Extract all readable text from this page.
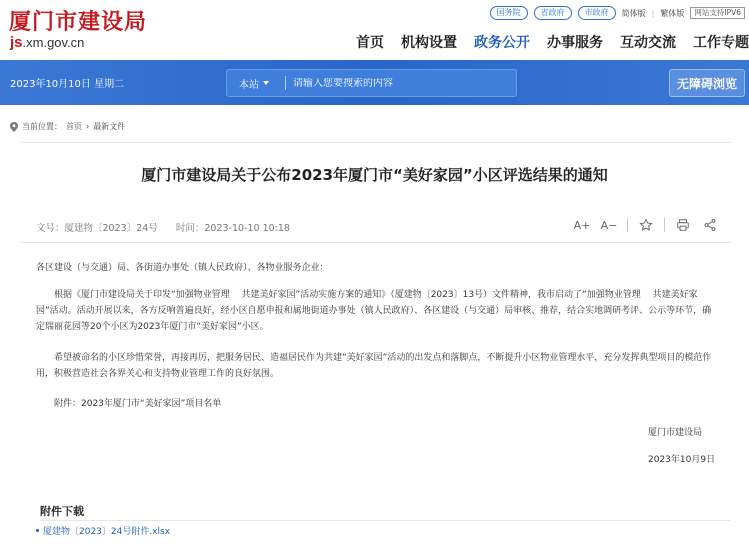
厦门市建设局
js.xm.gov.cn
国务院	省政府	市政府	简体版 | 繁体版	网站支持IPV6
首页 机构设置 政务公开 办事服务 互动交流 工作专题
2023年10月10日 星期二	本站
请输入您要搜索的内容	无障碍浏览
当前位置： 首页 › 最新文件
厦门市建设局关于公布2023年厦门市“美好家园”小区评选结果的通知
文号：厦建物〔2023〕24号 时间：2023-10-10 10:18	A+ A−
各区建设（与交通）局、各街道办事处（镇人民政府）、各物业服务企业：
根据《厦门市建设局关于印发“加强物业管理　 共建美好家园”活动实施方案的通知》（厦建物〔2023〕13号）文件精神，我市启动了“加强物业管理　 共建美好家园”活动。活动开展以来，各方反响普遍良好，经小区自愿申报和属地街道办事处（镇人民政府）、各区建设（与交通）局审核、推荐，结合实地调研考评、公示等环节，确定瑞丽花园等20个小区为2023年厦门市“美好家园”小区。
希望被命名的小区珍惜荣誉，再接再厉，把服务居民、造福居民作为共建“美好家园”活动的出发点和落脚点，不断提升小区物业管理水平，充分发挥典型项目的模范作用，积极营造社会各界关心和支持物业管理工作的良好氛围。
附件：2023年厦门市“美好家园”项目名单
厦门市建设局
2023年10月9日
附件下载
厦建物〔2023〕24号附件.xlsx
